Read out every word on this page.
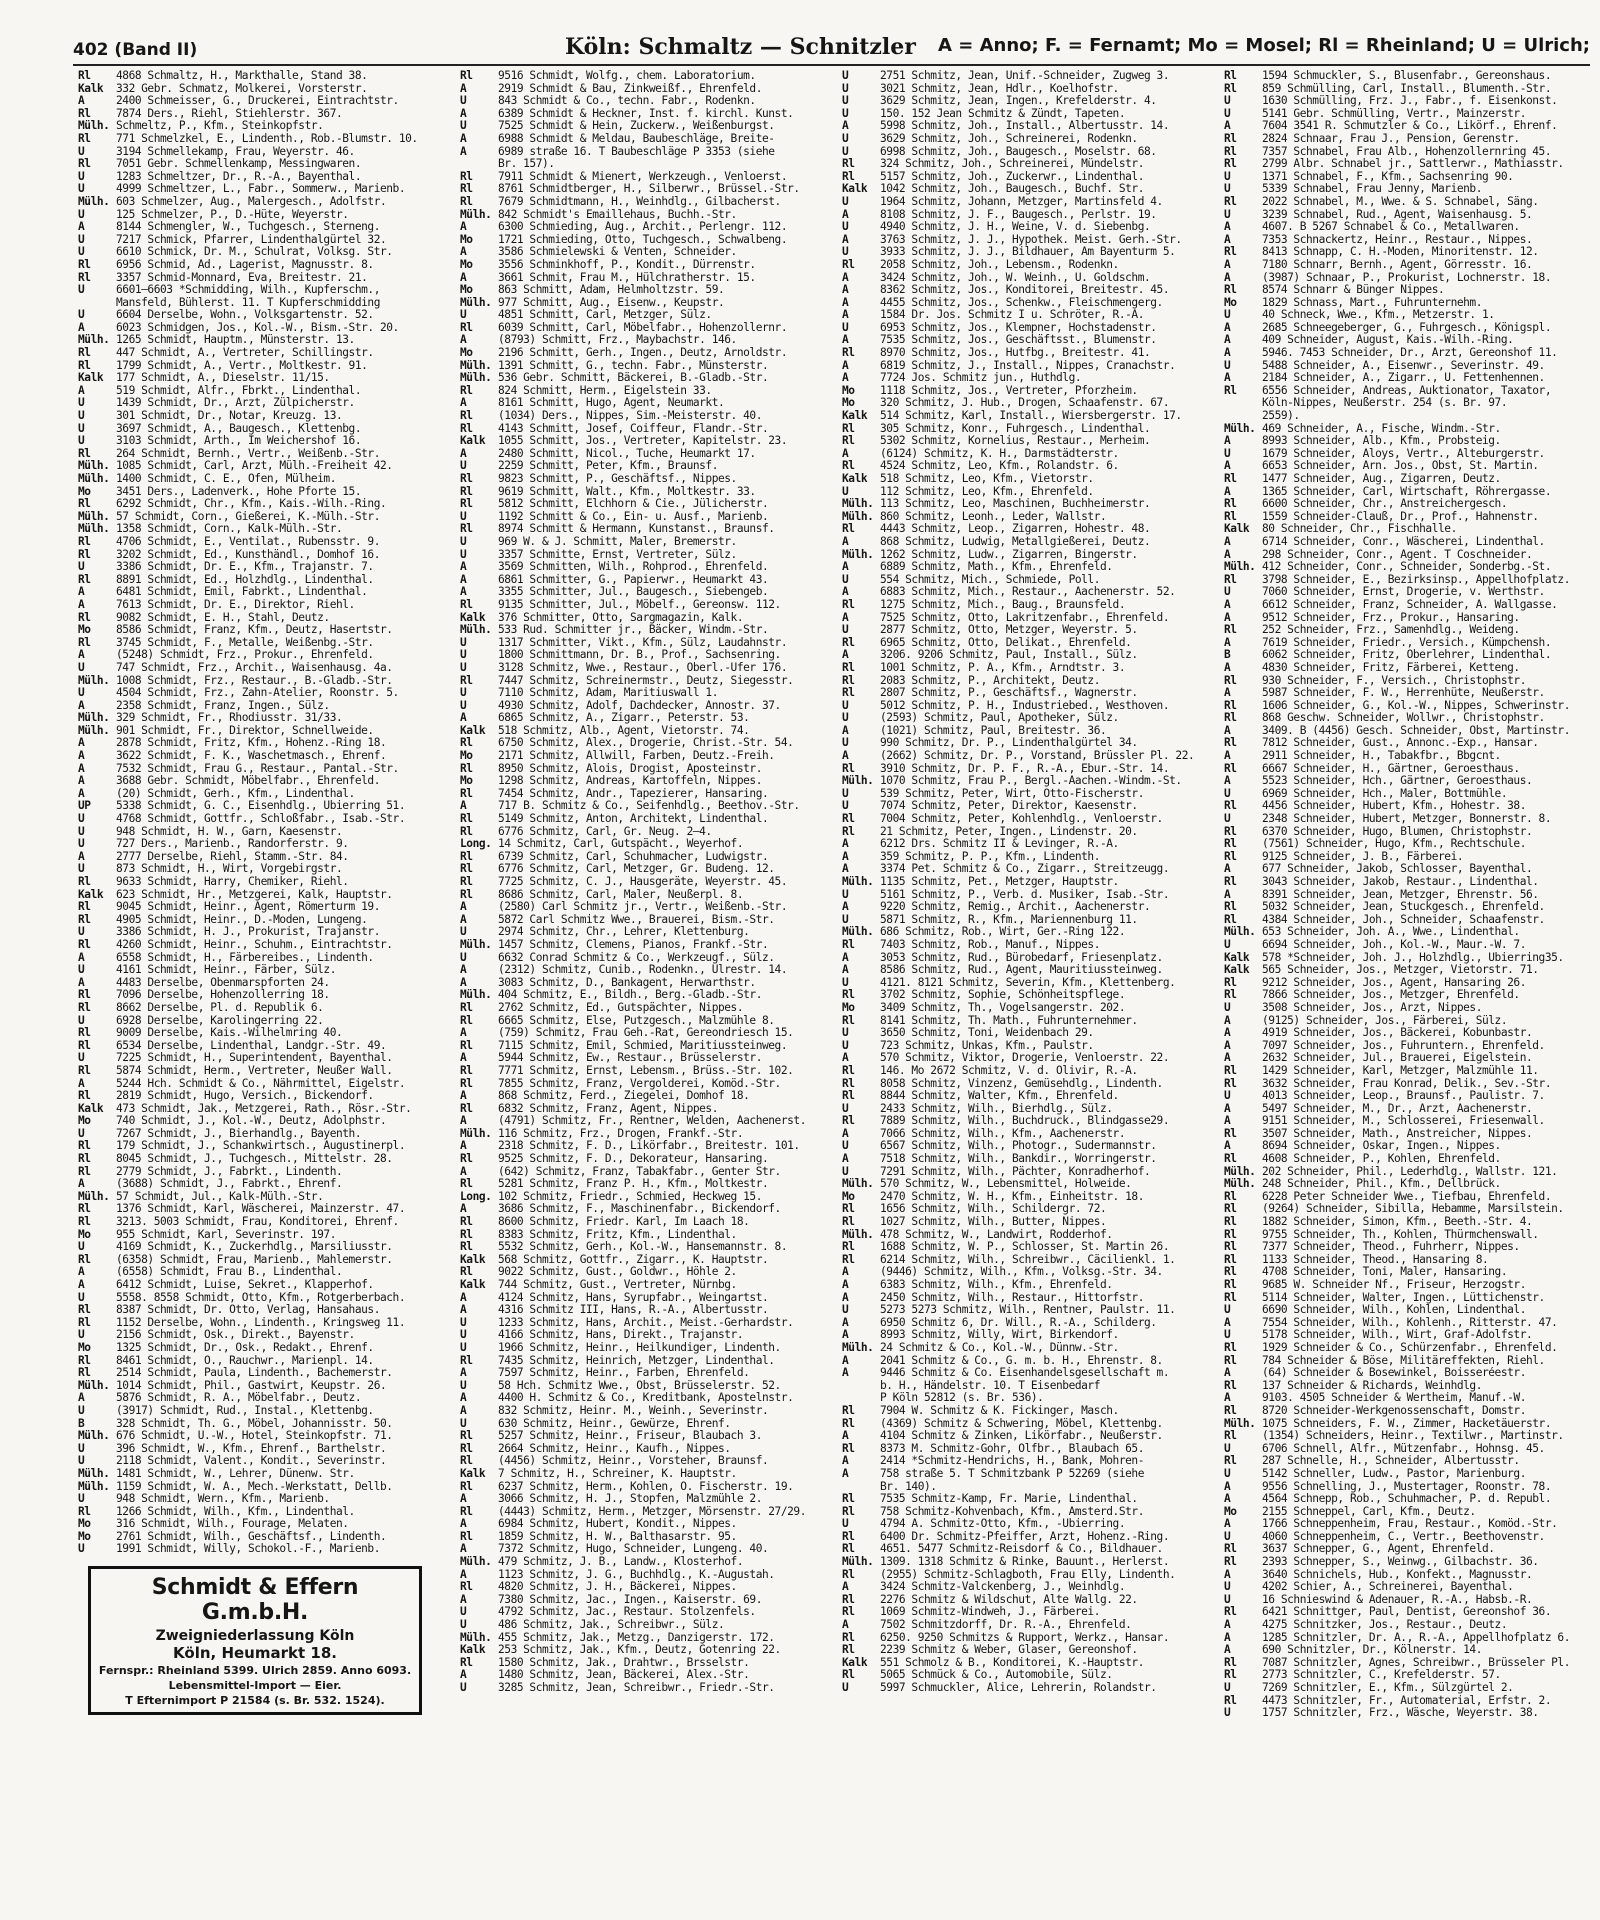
402 (Band II)	Köln: Schmaltz — Schnitzler A = Anno; F. = Fernamt; Mo = Mosel; Rl = Rheinland; U = Ulrich;
Rl	4868 Schmaltz, H., Markthalle, Stand 38.
Kalk	332 Gebr. Schmatz, Molkerei, Vorsterstr.
A	2400 Schmeisser, G., Druckerei, Eintrachtstr.
Rl	7874 Ders., Riehl, Stiehlerstr. 367.
Mülh. Schmeltz, P., Kfm., Steinkopfstr.
Rl	771 Schmelzkel, E., Lindenth., Rob.-Blumstr. 10.
U	3194 Schmellekamp, Frau, Weyerstr. 46.
Rl	7051 Gebr. Schmellenkamp, Messingwaren.
U	1283 Schmeltzer, Dr., R.-A., Bayenthal.
U	4999 Schmeltzer, L., Fabr., Sommerw., Marienb.
Mülh. 603 Schmelzer, Aug., Malergesch., Adolfstr.
U	125 Schmelzer, P., D.-Hüte, Weyerstr.
A	8144 Schmengler, W., Tuchgesch., Sterneng.
U	7217 Schmick, Pfarrer, Lindenthalgürtel 32.
U	6610 Schmick, Dr. M., Schulrat, Volksg. Str.
Rl	6956 Schmid, Ad., Lagerist, Magnusstr. 8.
Rl	3357 Schmid-Monnard, Eva, Breitestr. 21.
U	6601—6603 *Schmidding, Wilh., Kupferschm.,
Mansfeld, Bühlerst. 11. T Kupferschmidding
U	6604 Derselbe, Wohn., Volksgartenstr. 52.
A	6023 Schmidgen, Jos., Kol.-W., Bism.-Str. 20.
Mülh. 1265 Schmidt, Hauptm., Münsterstr. 13.
Rl	447 Schmidt, A., Vertreter, Schillingstr.
Rl	1799 Schmidt, A., Vertr., Moltkestr. 91.
Kalk	177 Schmidt, A., Dieselstr. 11/15.
A	519 Schmidt, Alfr., Fbrkt., Lindenthal.
U	1439 Schmidt, Dr., Arzt, Zülpicherstr.
U	301 Schmidt, Dr., Notar, Kreuzg. 13.
U	3697 Schmidt, A., Baugesch., Klettenbg.
U	3103 Schmidt, Arth., Im Weichershof 16.
Rl	264 Schmidt, Bernh., Vertr., Weißenb.-Str.
Mülh. 1085 Schmidt, Carl, Arzt, Mülh.-Freiheit 42.
Mülh. 1400 Schmidt, C. E., Ofen, Mülheim.
Mo	3451 Ders., Ladenverk., Hohe Pforte 15.
Rl	6292 Schmidt, Chr., Kfm., Kais.-Wilh.-Ring.
Mülh. 57 Schmidt, Corn., Gießerei, K.-Mülh.-Str.
Mülh. 1358 Schmidt, Corn., Kalk-Mülh.-Str.
Rl	4706 Schmidt, E., Ventilat., Rubensstr. 9.
Rl	3202 Schmidt, Ed., Kunsthändl., Domhof 16.
U	3386 Schmidt, Dr. E., Kfm., Trajanstr. 7.
Rl	8891 Schmidt, Ed., Holzhdlg., Lindenthal.
A	6481 Schmidt, Emil, Fabrkt., Lindenthal.
A	7613 Schmidt, Dr. E., Direktor, Riehl.
Rl	9082 Schmidt, E. H., Stahl, Deutz.
Mo	8586 Schmidt, Franz, Kfm., Deutz, Hasertstr.
Rl	3745 Schmidt, F., Metalle, Weißenbg.-Str.
A	(5248) Schmidt, Frz., Prokur., Ehrenfeld.
U	747 Schmidt, Frz., Archit., Waisenhausg. 4a.
Mülh. 1008 Schmidt, Frz., Restaur., B.-Gladb.-Str.
U	4504 Schmidt, Frz., Zahn-Atelier, Roonstr. 5.
A	2358 Schmidt, Franz, Ingen., Sülz.
Mülh. 329 Schmidt, Fr., Rhodiusstr. 31/33.
Mülh. 901 Schmidt, Fr., Direktor, Schnellweide.
A	2878 Schmidt, Fritz, Kfm., Hohenz.-Ring 18.
A	3622 Schmidt, F. K., Waschetmasch., Ehrenf.
A	7532 Schmidt, Frau G., Restaur., Pantal.-Str.
A	3688 Gebr. Schmidt, Möbelfabr., Ehrenfeld.
A	(20) Schmidt, Gerh., Kfm., Lindenthal.
UP	5338 Schmidt, G. C., Eisenhdlg., Ubierring 51.
U	4768 Schmidt, Gottfr., Schloßfabr., Isab.-Str.
U	948 Schmidt, H. W., Garn, Kaesenstr.
U	727 Ders., Marienb., Randorferstr. 9.
A	2777 Derselbe, Riehl, Stamm.-Str. 84.
U	873 Schmidt, H., Wirt, Vorgebirgstr.
Rl	9633 Schmidt, Harry, Chemiker, Riehl.
Kalk	623 Schmidt, Hr., Metzgerei, Kalk, Hauptstr.
Rl	9045 Schmidt, Heinr., Agent, Römerturm 19.
Rl	4905 Schmidt, Heinr., D.-Moden, Lungeng.
U	3386 Schmidt, H. J., Prokurist, Trajanstr.
Rl	4260 Schmidt, Heinr., Schuhm., Eintrachtstr.
A	6558 Schmidt, H., Färbereibes., Lindenth.
U	4161 Schmidt, Heinr., Färber, Sülz.
A	4483 Derselbe, Obenmarspforten 24.
Rl	7096 Derselbe, Hohenzollerring 18.
Rl	8662 Derselbe, Pl. d. Republik 6.
U	6928 Derselbe, Karolingerring 22.
Rl	9009 Derselbe, Kais.-Wilhelmring 40.
Rl	6534 Derselbe, Lindenthal, Landgr.-Str. 49.
U	7225 Schmidt, H., Superintendent, Bayenthal.
Rl	5874 Schmidt, Herm., Vertreter, Neußer Wall.
A	5244 Hch. Schmidt & Co., Nährmittel, Eigelstr.
Rl	2819 Schmidt, Hugo, Versich., Bickendorf.
Kalk	473 Schmidt, Jak., Metzgerei, Rath., Rösr.-Str.
Mo	740 Schmidt, J., Kol.-W., Deutz, Adolphstr.
U	7267 Schmidt, J., Bierhandlg., Bayenth.
Rl	179 Schmidt, J., Schankwirtsch., Augustinerpl.
Rl	8045 Schmidt, J., Tuchgesch., Mittelstr. 28.
Rl	2779 Schmidt, J., Fabrkt., Lindenth.
A	(3688) Schmidt, J., Fabrkt., Ehrenf.
Mülh. 57 Schmidt, Jul., Kalk-Mülh.-Str.
Rl	1376 Schmidt, Karl, Wäscherei, Mainzerstr. 47.
Rl	3213. 5003 Schmidt, Frau, Konditorei, Ehrenf.
Mo	955 Schmidt, Karl, Severinstr. 197.
U	4169 Schmidt, K., Zuckerhdlg., Marsiliusstr.
Rl	(6358) Schmidt, Frau, Marienb., Mahlemerstr.
A	(6558) Schmidt, Frau B., Lindenthal.
A	6412 Schmidt, Luise, Sekret., Klapperhof.
U	5558. 8558 Schmidt, Otto, Kfm., Rotgerberbach.
Rl	8387 Schmidt, Dr. Otto, Verlag, Hansahaus.
Rl	1152 Derselbe, Wohn., Lindenth., Kringsweg 11.
U	2156 Schmidt, Osk., Direkt., Bayenstr.
Mo	1325 Schmidt, Dr., Osk., Redakt., Ehrenf.
Rl	8461 Schmidt, O., Rauchwr., Marienpl. 14.
Rl	2514 Schmidt, Paula, Lindenth., Bachemerstr.
Mülh. 1014 Schmidt, Phil., Gastwirt, Keupstr. 26.
A	5876 Schmidt, R. A., Möbelfabr., Deutz.
U	(3917) Schmidt, Rud., Instal., Klettenbg.
B	328 Schmidt, Th. G., Möbel, Johannisstr. 50.
Mülh. 676 Schmidt, U.-W., Hotel, Steinkopfstr. 71.
U	396 Schmidt, W., Kfm., Ehrenf., Barthelstr.
U	2118 Schmidt, Valent., Kondit., Severinstr.
Mülh. 1481 Schmidt, W., Lehrer, Dünenw. Str.
Mülh. 1159 Schmidt, W. A., Mech.-Werkstatt, Dellb.
U	948 Schmidt, Wern., Kfm., Marienb.
Rl	1266 Schmidt, Wilh., Kfm., Lindenthal.
Mo	316 Schmidt, Wilh., Fourage, Melaten.
Mo	2761 Schmidt, Wilh., Geschäftsf., Lindenth.
U	1991 Schmidt, Willy, Schokol.-F., Marienb.
Schmidt & Effern G.m.b.H.
Zweigniederlassung Köln
Köln, Heumarkt 18.
Fernspr.: Rheinland 5399. Ulrich 2859. Anno 6093.
Lebensmittel-Import — Eier.
T Efternimport P 21584 (s. Br. 532. 1524).
Rl	9516 Schmidt, Wolfg., chem. Laboratorium.
A	2919 Schmidt & Bau, Zinkweißf., Ehrenfeld.
U	843 Schmidt & Co., techn. Fabr., Rodenkn.
A	6389 Schmidt & Heckner, Inst. f. kirchl. Kunst.
U	7525 Schmidt & Hein, Zuckerw., Weißenburgst.
A	6988 Schmidt & Meldau, Baubeschläge, Breite-
A	6989 straße 16. T Baubeschläge P 3353 (siehe
Br. 157).
Rl	7911 Schmidt & Mienert, Werkzeugh., Venloerst.
Rl	8761 Schmidtberger, H., Silberwr., Brüssel.-Str.
Rl	7679 Schmidtmann, H., Weinhdlg., Gilbacherst.
Mülh. 842 Schmidt's Emaillehaus, Buchh.-Str.
A	6300 Schmieding, Aug., Archit., Perlengr. 112.
Mo	1721 Schmieding, Otto, Tuchgesch., Schwalbeng.
A	3586 Schmielewski & Venten, Schneider.
Mo	3556 Schminkhoff, P., Kondit., Dürrenstr.
A	3661 Schmit, Frau M., Hülchratherstr. 15.
Mo	863 Schmitt, Adam, Helmholtzstr. 59.
Mülh. 977 Schmitt, Aug., Eisenw., Keupstr.
U	4851 Schmitt, Carl, Metzger, Sülz.
Rl	6039 Schmitt, Carl, Möbelfabr., Hohenzollernr.
A	(8793) Schmitt, Frz., Maybachstr. 146.
Mo	2196 Schmitt, Gerh., Ingen., Deutz, Arnoldstr.
Mülh. 1391 Schmitt, G., techn. Fabr., Münsterstr.
Mülh. 536 Gebr. Schmitt, Bäckerei, B.-Gladb.-Str.
Rl	824 Schmitt, Herm., Eigelstein 33.
A	8161 Schmitt, Hugo, Agent, Neumarkt.
Rl	(1034) Ders., Nippes, Sim.-Meisterstr. 40.
Rl	4143 Schmitt, Josef, Coiffeur, Flandr.-Str.
Kalk	1055 Schmitt, Jos., Vertreter, Kapitelstr. 23.
A	2480 Schmitt, Nicol., Tuche, Heumarkt 17.
U	2259 Schmitt, Peter, Kfm., Braunsf.
Rl	9823 Schmitt, P., Geschäftsf., Nippes.
Rl	9619 Schmitt, Walt., Kfm., Moltkestr. 33.
Rl	5812 Schmitt, Elchhorn & Cie., Jülicherstr.
U	1192 Schmitt & Co., Ein- u. Ausf., Marienb.
Rl	8974 Schmitt & Hermann, Kunstanst., Braunsf.
U	969 W. & J. Schmitt, Maler, Bremerstr.
U	3357 Schmitte, Ernst, Vertreter, Sülz.
A	3569 Schmitten, Wilh., Rohprod., Ehrenfeld.
A	6861 Schmitter, G., Papierwr., Heumarkt 43.
A	3355 Schmitter, Jul., Baugesch., Siebengeb.
Rl	9135 Schmitter, Jul., Möbelf., Gereonsw. 112.
Kalk	376 Schmitter, Otto, Sargmagazin, Kalk.
Mülh. 533 Rud. Schmitter jr., Bäcker, Windm.-Str.
U	1317 Schmitter, Vikt., Kfm., Sülz, Laudahnstr.
U	1800 Schmittmann, Dr. B., Prof., Sachsenring.
U	3128 Schmitz, Wwe., Restaur., Oberl.-Ufer 176.
Rl	7447 Schmitz, Schreinermstr., Deutz, Siegesstr.
U	7110 Schmitz, Adam, Maritiuswall 1.
U	4930 Schmitz, Adolf, Dachdecker, Annostr. 37.
A	6865 Schmitz, A., Zigarr., Peterstr. 53.
Kalk	518 Schmitz, Alb., Agent, Vietorstr. 74.
Rl	6750 Schmitz, Alex., Drogerie, Christ.-Str. 54.
Mo	2171 Schmitz, Allwill, Farben, Deutz.-Freih.
Rl	8950 Schmitz, Alois, Drogist, Aposteinstr.
Mo	1298 Schmitz, Andreas, Kartoffeln, Nippes.
Rl	7454 Schmitz, Andr., Tapezierer, Hansaring.
A	717 B. Schmitz & Co., Seifenhdlg., Beethov.-Str.
Rl	5149 Schmitz, Anton, Architekt, Lindenthal.
Rl	6776 Schmitz, Carl, Gr. Neug. 2—4.
Long. 14 Schmitz, Carl, Gutspächt., Weyerhof.
Rl	6739 Schmitz, Carl, Schuhmacher, Ludwigstr.
Rl	6776 Schmitz, Carl, Metzger, Gr. Budeng. 12.
Rl	7725 Schmitz, C. J., Hausgeräte, Weyerstr. 45.
Rl	8686 Schmitz, Carl, Maler, Neußerpl. 8.
A	(2580) Carl Schmitz jr., Vertr., Weißenb.-Str.
A	5872 Carl Schmitz Wwe., Brauerei, Bism.-Str.
U	2974 Schmitz, Chr., Lehrer, Klettenburg.
Mülh. 1457 Schmitz, Clemens, Pianos, Frankf.-Str.
U	6632 Conrad Schmitz & Co., Werkzeugf., Sülz.
A	(2312) Schmitz, Cunib., Rodenkn., Ulrestr. 14.
A	3083 Schmitz, D., Bankagent, Herwarthstr.
Mülh. 404 Schmitz, E., Bildh., Berg.-Gladb.-Str.
Rl	2762 Schmitz, Ed., Gutspächter, Nippes.
Rl	6665 Schmitz, Else, Putzgesch., Malzmühle 8.
A	(759) Schmitz, Frau Geh.-Rat, Gereondriesch 15.
Rl	7115 Schmitz, Emil, Schmied, Maritiussteinweg.
A	5944 Schmitz, Ew., Restaur., Brüsselerstr.
Rl	7771 Schmitz, Ernst, Lebensm., Brüss.-Str. 102.
Rl	7855 Schmitz, Franz, Vergolderei, Komöd.-Str.
A	868 Schmitz, Ferd., Ziegelei, Domhof 18.
Rl	6832 Schmitz, Franz, Agent, Nippes.
A	(4791) Schmitz, Fr., Rentner, Welden, Aachenerst.
Mülh. 116 Schmitz, Frz., Drogen, Frankf.-Str.
A	2318 Schmitz, F. D., Likörfabr., Breitestr. 101.
Rl	9525 Schmitz, F. D., Dekorateur, Hansaring.
A	(642) Schmitz, Franz, Tabakfabr., Genter Str.
Rl	5281 Schmitz, Franz P. H., Kfm., Moltkestr.
Long. 102 Schmitz, Friedr., Schmied, Heckweg 15.
A	3686 Schmitz, F., Maschinenfabr., Bickendorf.
Rl	8600 Schmitz, Friedr. Karl, Im Laach 18.
Rl	8383 Schmitz, Fritz, Kfm., Lindenthal.
Rl	5532 Schmitz, Gerh., Kol.-W., Hansemannstr. 8.
Kalk	568 Schmitz, Gottfr., Zigarr., K. Hauptstr.
Rl	9022 Schmitz, Gust., Goldwr., Höhle 2.
Kalk	744 Schmitz, Gust., Vertreter, Nürnbg.
A	4124 Schmitz, Hans, Syrupfabr., Weingartst.
A	4316 Schmitz III, Hans, R.-A., Albertusstr.
U	1233 Schmitz, Hans, Archit., Meist.-Gerhardstr.
U	4166 Schmitz, Hans, Direkt., Trajanstr.
U	1966 Schmitz, Heinr., Heilkundiger, Lindenth.
Rl	7435 Schmitz, Heinrich, Metzger, Lindenthal.
A	7597 Schmitz, Heinr., Farben, Ehrenfeld.
U	58 Hch. Schmitz Wwe., Obst, Brüsselerstr. 52.
A	4400 H. Schmitz & Co., Kreditbank, Apostelnstr.
A	832 Schmitz, Heinr. M., Weinh., Severinstr.
U	630 Schmitz, Heinr., Gewürze, Ehrenf.
Rl	5257 Schmitz, Heinr., Friseur, Blaubach 3.
Rl	2664 Schmitz, Heinr., Kaufh., Nippes.
Rl	(4456) Schmitz, Heinr., Vorsteher, Braunsf.
Kalk	7 Schmitz, H., Schreiner, K. Hauptstr.
Rl	6237 Schmitz, Herm., Kohlen, O. Fischerstr. 19.
A	3066 Schmitz, H. J., Stopfen, Malzmühle 2.
Rl	(4443) Schmitz, Herm., Metzger, Mörsenstr. 27/29.
A	6984 Schmitz, Hubert, Kondit., Nippes.
Rl	1859 Schmitz, H. W., Balthasarstr. 95.
A	7372 Schmitz, Hugo, Schneider, Lungeng. 40.
Mülh. 479 Schmitz, J. B., Landw., Klosterhof.
A	1123 Schmitz, J. G., Buchhdlg., K.-Augustah.
Rl	4820 Schmitz, J. H., Bäckerei, Nippes.
A	7380 Schmitz, Jac., Ingen., Kaiserstr. 69.
U	4792 Schmitz, Jac., Restaur. Stolzenfels.
U	486 Schmitz, Jak., Schreibwr., Sülz.
Mülh. 455 Schmitz, Jak., Metzg., Danzigerstr. 172.
Kalk	253 Schmitz, Jak., Kfm., Deutz, Gotenring 22.
Rl	1580 Schmitz, Jak., Drahtwr., Brsselstr.
A	1480 Schmitz, Jean, Bäckerei, Alex.-Str.
U	3285 Schmitz, Jean, Schreibwr., Friedr.-Str.
U	2751 Schmitz, Jean, Unif.-Schneider, Zugweg 3.
U	3021 Schmitz, Jean, Hdlr., Koelhofstr.
U	3629 Schmitz, Jean, Ingen., Krefelderstr. 4.
U	150. 152 Jean Schmitz & Zündt, Tapeten.
A	5998 Schmitz, Joh., Install., Albertusstr. 14.
U	3629 Schmitz, Joh., Schreinerei, Rodenkn.
U	6998 Schmitz, Joh., Baugesch., Moselstr. 68.
Rl	324 Schmitz, Joh., Schreinerei, Mündelstr.
Rl	5157 Schmitz, Joh., Zuckerwr., Lindenthal.
Kalk	1042 Schmitz, Joh., Baugesch., Buchf. Str.
U	1964 Schmitz, Johann, Metzger, Martinsfeld 4.
A	8108 Schmitz, J. F., Baugesch., Perlstr. 19.
U	4940 Schmitz, J. H., Weine, V. d. Siebenbg.
A	3763 Schmitz, J. J., Hypothek. Meist. Gerh.-Str.
U	3933 Schmitz, J. J., Bildhauer, Am Bayenturm 5.
Rl	2058 Schmitz, Joh., Lebensm., Rodenkn.
A	3424 Schmitz, Joh., W. Weinh., U. Goldschm.
A	8362 Schmitz, Jos., Konditorei, Breitestr. 45.
A	4455 Schmitz, Jos., Schenkw., Fleischmengerg.
A	1584 Dr. Jos. Schmitz I u. Schröter, R.-A.
U	6953 Schmitz, Jos., Klempner, Hochstadenstr.
A	7535 Schmitz, Jos., Geschäftsst., Blumenstr.
Rl	8970 Schmitz, Jos., Hutfbg., Breitestr. 41.
A	6819 Schmitz, J., Install., Nippes, Cranachstr.
A	7724 Jos. Schmitz jun., Huthdlg.
Mo	1118 Schmitz, Jos., Vertreter, Pforzheim.
Mo	320 Schmitz, J. Hub., Drogen, Schaafenstr. 67.
Kalk	514 Schmitz, Karl, Install., Wiersbergerstr. 17.
Rl	305 Schmitz, Konr., Fuhrgesch., Lindenthal.
Rl	5302 Schmitz, Kornelius, Restaur., Merheim.
A	(6124) Schmitz, K. H., Darmstädterstr.
Rl	4524 Schmitz, Leo, Kfm., Rolandstr. 6.
Kalk	518 Schmitz, Leo, Kfm., Vietorstr.
U	112 Schmitz, Leo, Kfm., Ehrenfeld.
Mülh. 113 Schmitz, Leo, Maschinen, Buchheimerstr.
Mülh. 860 Schmitz, Leonh., Leder, Wallstr.
Rl	4443 Schmitz, Leop., Zigarren, Hohestr. 48.
A	868 Schmitz, Ludwig, Metallgießerei, Deutz.
Mülh. 1262 Schmitz, Ludw., Zigarren, Bingerstr.
A	6889 Schmitz, Math., Kfm., Ehrenfeld.
U	554 Schmitz, Mich., Schmiede, Poll.
A	6883 Schmitz, Mich., Restaur., Aachenerstr. 52.
Rl	1275 Schmitz, Mich., Baug., Braunsfeld.
A	7525 Schmitz, Otto, Lakritzenfabr., Ehrenfeld.
U	2877 Schmitz, Otto, Metzger, Weyerstr. 5.
Rl	6965 Schmitz, Otto, Delikat., Ehrenfeld.
A	3206. 9206 Schmitz, Paul, Install., Sülz.
Rl	1001 Schmitz, P. A., Kfm., Arndtstr. 3.
Rl	2083 Schmitz, P., Architekt, Deutz.
Rl	2807 Schmitz, P., Geschäftsf., Wagnerstr.
U	5012 Schmitz, P. H., Industriebed., Westhoven.
U	(2593) Schmitz, Paul, Apotheker, Sülz.
A	(1021) Schmitz, Paul, Breitestr. 36.
U	990 Schmitz, Dr. P., Lindenthalgürtel 34.
A	(2662) Schmitz, Dr. P., Vorstand, Brüssler Pl. 22.
Rl	3910 Schmitz, Dr. P. F., R.-A., Ebur.-Str. 14.
Mülh. 1070 Schmitz, Frau P., Bergl.-Aachen.-Windm.-St.
U	539 Schmitz, Peter, Wirt, Otto-Fischerstr.
U	7074 Schmitz, Peter, Direktor, Kaesenstr.
Rl	7004 Schmitz, Peter, Kohlenhdlg., Venloerstr.
Rl	21 Schmitz, Peter, Ingen., Lindenstr. 20.
A	6212 Drs. Schmitz II & Levinger, R.-A.
A	359 Schmitz, P. P., Kfm., Lindenth.
A	3374 Pet. Schmitz & Co., Zigarr., Streitzeugg.
Mülh. 1135 Schmitz, Pet., Metzger, Hauptstr.
U	5161 Schmitz, P., Verb. d. Musiker, Isab.-Str.
A	9220 Schmitz, Remig., Archit., Aachenerstr.
U	5871 Schmitz, R., Kfm., Mariennenburg 11.
Mülh. 686 Schmitz, Rob., Wirt, Ger.-Ring 122.
Rl	7403 Schmitz, Rob., Manuf., Nippes.
A	3053 Schmitz, Rud., Bürobedarf, Friesenplatz.
A	8586 Schmitz, Rud., Agent, Mauritiussteinweg.
U	4121. 8121 Schmitz, Severin, Kfm., Klettenberg.
Rl	3702 Schmitz, Sophie, Schönheitspflege.
Mo	3409 Schmitz, Th., Vogelsangerstr. 202.
Rl	8141 Schmitz, Th. Math., Fuhrunternehmer.
U	3650 Schmitz, Toni, Weidenbach 29.
U	723 Schmitz, Unkas, Kfm., Paulstr.
A	570 Schmitz, Viktor, Drogerie, Venloerstr. 22.
Rl	146. Mo 2672 Schmitz, V. d. Olivir, R.-A.
Rl	8058 Schmitz, Vinzenz, Gemüsehdlg., Lindenth.
Rl	8844 Schmitz, Walter, Kfm., Ehrenfeld.
U	2433 Schmitz, Wilh., Bierhdlg., Sülz.
Rl	7889 Schmitz, Wilh., Buchdruck., Blindgasse29.
A	7066 Schmitz, Wilh., Kfm., Aachenerstr.
U	6567 Schmitz, Wilh., Photogr., Sudermannstr.
A	7518 Schmitz, Wilh., Bankdir., Worringerstr.
U	7291 Schmitz, Wilh., Pächter, Konradherhof.
Mülh. 570 Schmitz, W., Lebensmittel, Holweide.
Mo	2470 Schmitz, W. H., Kfm., Einheitstr. 18.
Rl	1656 Schmitz, Wilh., Schildergr. 72.
Rl	1027 Schmitz, Wilh., Butter, Nippes.
Mülh. 478 Schmitz, W., Landwirt, Rodderhof.
Rl	1688 Schmitz, W. P., Schlosser, St. Martin 26.
Rl	6214 Schmitz, Wilh., Schreibwr., Cäcilienkl. 1.
A	(9446) Schmitz, Wilh., Kfm., Volksg.-Str. 34.
A	6383 Schmitz, Wilh., Kfm., Ehrenfeld.
A	2450 Schmitz, Wilh., Restaur., Hittorfstr.
U	5273 5273 Schmitz, Wilh., Rentner, Paulstr. 11.
A	6950 Schmitz 6, Dr. Will., R.-A., Schilderg.
A	8993 Schmitz, Willy, Wirt, Birkendorf.
Mülh. 24 Schmitz & Co., Kol.-W., Dünnw.-Str.
A	2041 Schmitz & Co., G. m. b. H., Ehrenstr. 8.
A	9446 Schmitz & Co. Eisenhandelsgesellschaft m.
b. H., Händelstr. 10. T Eisenbedarf
P Köln 52812 (s. Br. 536).
Rl	7904 W. Schmitz & K. Fickinger, Masch.
Rl	(4369) Schmitz & Schwering, Möbel, Klettenbg.
A	4104 Schmitz & Zinken, Likörfabr., Neußerstr.
Rl	8373 M. Schmitz-Gohr, Ölfbr., Blaubach 65.
A	2414 *Schmitz-Hendrichs, H., Bank, Mohren-
A	758 straße 5. T Schmitzbank P 52269 (siehe
Br. 140).
Rl	7535 Schmitz-Kamp, Fr. Marie, Lindenthal.
Rl	758 Schmitz-Kohvenbach, Kfm., Amsterd.Str.
U	4794 A. Schmitz-Otto, Kfm., -Ubierring.
Rl	6400 Dr. Schmitz-Pfeiffer, Arzt, Hohenz.-Ring.
Rl	4651. 5477 Schmitz-Reisdorf & Co., Bildhauer.
Mülh. 1309. 1318 Schmitz & Rinke, Bauunt., Herlerst.
Rl	(2955) Schmitz-Schlagboth, Frau Elly, Lindenth.
A	3424 Schmitz-Valckenberg, J., Weinhdlg.
Rl	2276 Schmitz & Wildschut, Alte Wallg. 22.
Rl	1069 Schmitz-Windweh, J., Färberei.
A	7502 Schmitzdorff, Dr. R.-A., Ehrenfeld.
Rl	6250. 9250 Schmitzs & Rupport, Werkz., Hansar.
Rl	2239 Schmitz & Weber, Glaser, Gereonshof.
Kalk	551 Schmolz & B., Konditorei, K.-Hauptstr.
Rl	5065 Schmück & Co., Automobile, Sülz.
U	5997 Schmuckler, Alice, Lehrerin, Rolandstr.
Rl	1594 Schmuckler, S., Blusenfabr., Gereonshaus.
Rl	859 Schmülling, Carl, Install., Blumenth.-Str.
U	1630 Schmülling, Frz. J., Fabr., f. Eisenkonst.
U	5141 Gebr. Schmülling, Vertr., Mainzerstr.
A	7604 3541 R. Schmutzler & Co., Likörf., Ehrenf.
Rl	2824 Schnaar, Frau J., Pension, Gerenstr.
Rl	7357 Schnabel, Frau Alb., Hohenzollernring 45.
Rl	2799 Albr. Schnabel jr., Sattlerwr., Mathiasstr.
U	1371 Schnabel, F., Kfm., Sachsenring 90.
U	5339 Schnabel, Frau Jenny, Marienb.
Rl	2022 Schnabel, M., Wwe. & S. Schnabel, Säng.
U	3239 Schnabel, Rud., Agent, Waisenhausg. 5.
A	4607. B 5267 Schnabel & Co., Metallwaren.
A	7353 Schnackertz, Heinr., Restaur., Nippes.
Rl	8413 Schnapp, C. H.-Moden, Minoritenstr. 12.
A	7180 Schnarr, Bernh., Agent, Görresstr. 16.
A	(3987) Schnaar, P., Prokurist, Lochnerstr. 18.
Rl	8574 Schnarr & Bünger Nippes.
Mo	1829 Schnass, Mart., Fuhrunternehm.
U	40 Schneck, Wwe., Kfm., Metzerstr. 1.
A	2685 Schneegeberger, G., Fuhrgesch., Königspl.
A	409 Schneider, August, Kais.-Wilh.-Ring.
A	5946. 7453 Schneider, Dr., Arzt, Gereonshof 11.
U	5488 Schneider, A., Eisenwr., Severinstr. 49.
A	2184 Schneider, A., Zigarr., U. Fettenhennen.
Rl	6556 Schneider, Andreas, Auktionator, Taxator,
Köln-Nippes, Neußerstr. 254 (s. Br. 97.
2559).
Mülh. 469 Schneider, A., Fische, Windm.-Str.
A	8993 Schneider, Alb., Kfm., Probsteig.
U	1679 Schneider, Aloys, Vertr., Alteburgerstr.
A	6653 Schneider, Arn. Jos., Obst, St. Martin.
Rl	1477 Schneider, Aug., Zigarren, Deutz.
A	1365 Schneider, Carl, Wirtschaft, Röhrergasse.
Rl	6600 Schneider, Chr., Anstreichergesch.
Rl	1559 Schneider-Clauß, Dr., Prof., Hahnenstr.
Kalk	80 Schneider, Chr., Fischhalle.
A	6714 Schneider, Conr., Wäscherei, Lindenthal.
A	298 Schneider, Conr., Agent. T Coschneider.
Mülh. 412 Schneider, Conr., Schneider, Sonderbg.-St.
Rl	3798 Schneider, E., Bezirksinsp., Appellhofplatz.
U	7060 Schneider, Ernst, Drogerie, v. Werthstr.
A	6612 Schneider, Franz, Schneider, A. Wallgasse.
A	9512 Schneider, Frz., Prokur., Hansaring.
Rl	252 Schneider, Frz., Samenhdlg., Weideng.
A	7619 Schneider, Friedr., Versich., Kümpchensh.
B	6062 Schneider, Fritz, Oberlehrer, Lindenthal.
A	4830 Schneider, Fritz, Färberei, Ketteng.
Rl	930 Schneider, F., Versich., Christophstr.
A	5987 Schneider, F. W., Herrenhüte, Neußerstr.
Rl	1606 Schneider, G., Kol.-W., Nippes, Schwerinstr.
Rl	868 Geschw. Schneider, Wollwr., Christophstr.
A	3409. B (4456) Gesch. Schneider, Obst, Martinstr.
Rl	7812 Schneider, Gust., Annonc.-Exp., Hansar.
A	2911 Schneider, H., Tabakfbr., Bbgcnt.
Rl	6667 Schneider, H., Gärtner, Geroesthaus.
A	5523 Schneider, Hch., Gärtner, Geroesthaus.
U	6969 Schneider, Hch., Maler, Bottmühle.
Rl	4456 Schneider, Hubert, Kfm., Hohestr. 38.
U	2348 Schneider, Hubert, Metzger, Bonnerstr. 8.
Rl	6370 Schneider, Hugo, Blumen, Christophstr.
Rl	(7561) Schneider, Hugo, Kfm., Rechtschule.
Rl	9125 Schneider, J. B., Färberei.
A	677 Schneider, Jakob, Schlosser, Bayenthal.
Rl	3043 Schneider, Jakob, Restaur., Lindenthal.
A	8391 Schneider, Jean, Metzger, Ehrenstr. 56.
Rl	5032 Schneider, Jean, Stuckgesch., Ehrenfeld.
Rl	4384 Schneider, Joh., Schneider, Schaafenstr.
Mülh. 653 Schneider, Joh. A., Wwe., Lindenthal.
U	6694 Schneider, Joh., Kol.-W., Maur.-W. 7.
Kalk	578 *Schneider, Joh. J., Holzhdlg., Ubierring35.
Kalk	565 Schneider, Jos., Metzger, Vietorstr. 71.
Rl	9212 Schneider, Jos., Agent, Hansaring 26.
Rl	7866 Schneider, Jos., Metzger, Ehrenfeld.
U	3508 Schneider, Jos., Arzt, Nippes.
A	(9125) Schneider, Jos., Färberei, Sülz.
A	4919 Schneider, Jos., Bäckerei, Kobunbastr.
A	7097 Schneider, Jos., Fuhruntern., Ehrenfeld.
A	2632 Schneider, Jul., Brauerei, Eigelstein.
Rl	1429 Schneider, Karl, Metzger, Malzmühle 11.
Rl	3632 Schneider, Frau Konrad, Delik., Sev.-Str.
U	4013 Schneider, Leop., Braunsf., Paulistr. 7.
A	5497 Schneider, M., Dr., Arzt, Aachenerstr.
A	9151 Schneider, M., Schlosserei, Friesenwall.
Rl	3507 Schneider, Math., Anstreicher, Nippes.
A	8694 Schneider, Oskar, Ingen., Nippes.
Rl	4608 Schneider, P., Kohlen, Ehrenfeld.
Mülh. 202 Schneider, Phil., Lederhdlg., Wallstr. 121.
Mülh. 248 Schneider, Phil., Kfm., Dellbrück.
Rl	6228 Peter Schneider Wwe., Tiefbau, Ehrenfeld.
Rl	(9264) Schneider, Sibilla, Hebamme, Marsilstein.
Rl	1882 Schneider, Simon, Kfm., Beeth.-Str. 4.
Rl	9755 Schneider, Th., Kohlen, Thürmchenswall.
Rl	7377 Schneider, Theod., Fuhrherr, Nippes.
Rl	1133 Schneider, Theod., Hansaring 8.
Rl	4708 Schneider, Toni, Maler, Hansaring.
Rl	9685 W. Schneider Nf., Friseur, Herzogstr.
Rl	5114 Schneider, Walter, Ingen., Lüttichenstr.
U	6690 Schneider, Wilh., Kohlen, Lindenthal.
A	7554 Schneider, Wilh., Kohlenh., Ritterstr. 47.
U	5178 Schneider, Wilh., Wirt, Graf-Adolfstr.
Rl	1929 Schneider & Co., Schürzenfabr., Ehrenfeld.
Rl	784 Schneider & Böse, Militäreffekten, Riehl.
A	(64) Schneider & Bosewinkel, Boisseréestr.
Rl	137 Schneider & Richards, Weinhdlg.
A	9103. 4505 Schneider & Wertheim, Manuf.-W.
Rl	8720 Schneider-Werkgenossenschaft, Domstr.
Mülh. 1075 Schneiders, F. W., Zimmer, Hacketäuerstr.
Rl	(1354) Schneiders, Heinr., Textilwr., Martinstr.
U	6706 Schnell, Alfr., Mützenfabr., Hohnsg. 45.
Rl	287 Schnelle, H., Schneider, Albertusstr.
U	5142 Schneller, Ludw., Pastor, Marienburg.
A	9556 Schnelling, J., Mustertager, Roonstr. 78.
A	4564 Schnepp, Rob., Schuhmacher, P. d. Republ.
Mo	2155 Schneppel, Carl, Kfm., Deutz.
A	1766 Schneppenheim, Frau, Restaur., Komöd.-Str.
U	4060 Schneppenheim, C., Vertr., Beethovenstr.
Rl	3637 Schnepper, G., Agent, Ehrenfeld.
Rl	2393 Schnepper, S., Weinwg., Gilbachstr. 36.
A	3640 Schnichels, Hub., Konfekt., Magnusstr.
U	4202 Schier, A., Schreinerei, Bayenthal.
U	16 Schnieswind & Adenauer, R.-A., Habsb.-R.
Rl	6421 Schnittger, Paul, Dentist, Gereonshof 36.
A	4275 Schnitzker, Jos., Restaur., Deutz.
A	1285 Schnitzler, Dr. A., R.-A., Appellhofplatz 6.
A	690 Schnitzler, Dr., Kölnerstr. 14.
Rl	7087 Schnitzler, Agnes, Schreibwr., Brüsseler Pl.
Rl	2773 Schnitzler, C., Krefelderstr. 57.
U	7269 Schnitzler, E., Kfm., Sülzgürtel 2.
Rl	4473 Schnitzler, Fr., Automaterial, Erfstr. 2.
U	1757 Schnitzler, Frz., Wäsche, Weyerstr. 38.
